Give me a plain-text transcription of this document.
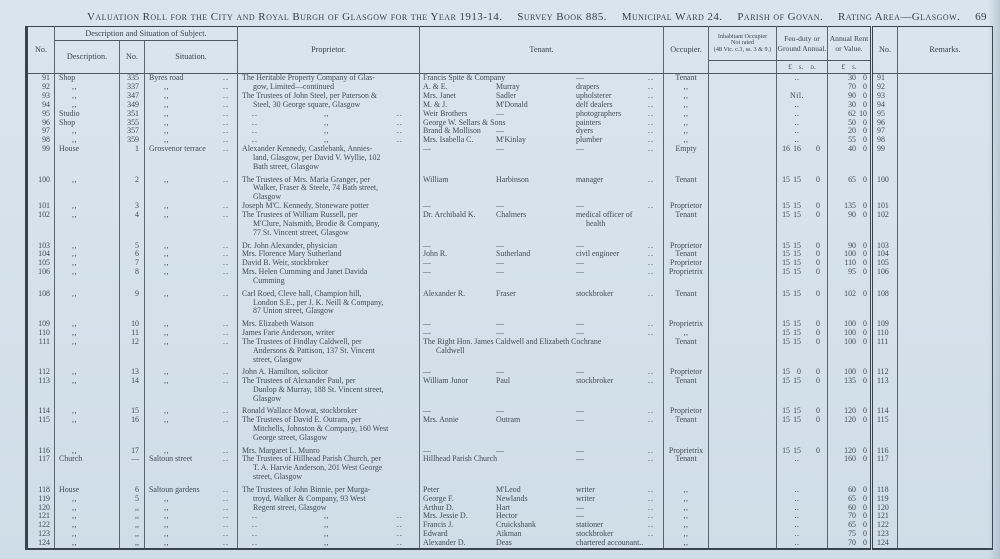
Valuation Roll for the City and Royal Burgh of Glasgow for the Year 1913-14. Survey Book 885. Municipal Ward 24. Parish of Govan. Rating Area—Glasgow. 69
No.	Description and Situation of Subject.			Proprietor.	Tenant.	Occupier.	Inhabitant Occupier
Not rated
(48 Vic. c.3, ss. 3 & 9.)	Feu-duty or Ground Annual.	Annual Rent or Value.	No.	Remarks.
	Description.	No.	Situation.								
								£ s. d.	£ s.		
91	Shop	335	Byres road ..	The Heritable Property Company of Glas-	Francis Spite & Company — ..	Tenant		..	30 0	91	
92	,,	337	,, ..	gow, Limited—continued	A. & E. Murray drapers ..	,,			70 0	92	
93	,,	347	,, ..	The Trustees of John Steel, per Paterson &	Mrs. Janet Sadler upholsterer ..	,,		Nil.	90 0	93	
94	,,	349	,, ..	Steel, 30 George square, Glasgow	M. & J. M'Donald delf dealers ..	,,		..	30 0	94	
95	Studio	351	,, ..	.. ,, ..	Weir Brothers — photographers ..	,,		..	62 10	95	
96	Shop	355	,, ..	.. ,, ..	George W. Sellars & Sons painters ..	,,		..	50 0	96	
97	,,	357	,, ..	.. ,, ..	Brand & Mollison — dyers ..	,,		..	20 0	97	
98	,,	359	,, ..	.. ,, ..	Mrs. Isabella C. M'Kinlay plumber ..	,,		..	55 0	98	
99	House	1	Grosvenor terrace ..	Alexander Kennedy, Castlebank, Annies-	— — — ..	Empty		16 16 0	40 0	99	

				land, Glasgow, per David V. Wyllie, 102							

				Bath street, Glasgow							

100	,,	2	,, ..	The Trustees of Mrs. Maria Granger, per	William Harbinson manager ..	Tenant		15 15 0	65 0	100	

				Walker, Fraser & Steele, 74 Bath street,							

				Glasgow							

101	,,	3	,, ..	Joseph M'C. Kennedy, Stoneware potter	— — — ..	Proprietor		15 15 0	135 0	101	
102	,,	4	,, ..	The Trustees of William Russell, per	Dr. Archibald K. Chalmers medical officer of	Tenant		15 15 0	90 0	102	

				M'Clure, Naismith, Brodie & Company,	health						

				77 St. Vincent street, Glasgow							

103	,,	5	,, ..	Dr. John Alexander, physician	— — — ..	Proprietor		15 15 0	90 0	103	
104	,,	6	,, ..	Mrs. Florence Mary Sutherland	John R. Sutherland civil engineer ..	Tenant		15 15 0	100 0	104	
105	,,	7	,, ..	David B. Weir, stockbroker	— — — ..	Proprietor		15 15 0	110 0	105	
106	,,	8	,, ..	Mrs. Helen Cumming and Janet Davida	— — — ..	Proprietrix		15 15 0	95 0	106	

				Cumming							

108	,,	9	,, ..	Carl Roed, Cleve hall, Champion hill,	Alexander R. Fraser stockbroker ..	Tenant		15 15 0	102 0	108	

				London S.E., per J. K. Neill & Company,							

				87 Union street, Glasgow							

109	,,	10	,, ..	Mrs. Elizabeth Watson	— — — ..	Proprietrix		15 15 0	100 0	109	
110	,,	11	,, ..	James Farie Anderson, writer	— — — ..	,,		15 15 0	100 0	110	
111	,,	12	,, ..	The Trustees of Findlay Caldwell, per	The Right Hon. James Caldwell and Elizabeth Cochrane	Tenant		15 15 0	100 0	111	

				Andersons & Pattison, 137 St. Vincent	Caldwell						

				street, Glasgow							

112	,,	13	,, ..	John A. Hamilton, solicitor	— — — ..	Proprietor		15 0 0	100 0	112	
113	,,	14	,, ..	The Trustees of Alexander Paul, per	William Junor Paul stockbroker ..	Tenant		15 15 0	135 0	113	

				Dunlop & Murray, 188 St. Vincent street,							

				Glasgow							

114	,,	15	,, ..	Ronald Wallace Mowat, stockbroker	— — — ..	Proprietor		15 15 0	120 0	114	
115	,,	16	,, ..	The Trustees of David E. Outram, per	Mrs. Annie Outram — ..	Tenant		15 15 0	120 0	115	

				Mitchells, Johnston & Company, 160 West							

				George street, Glasgow							

116	,,	17	,, ..	Mrs. Margaret L. Munro	— — — ..	Proprietrix		15 15 0	120 0	116	
117	Church	—	Saltoun street ..	The Trustees of Hillhead Parish Church, per	Hillhead Parish Church — ..	Tenant		..	160 0	117	

				T. A. Harvie Anderson, 201 West George							

				street, Glasgow							

118	House	6	Saltoun gardens ..	The Trustees of John Binnie, per Murga-	Peter M'Leod writer ..	,,		..	60 0	118	
119	,,	5	,, ..	troyd, Walker & Company, 93 West	George F. Newlands writer ..	,,		..	65 0	119	
120	,,	,,	,, ..	Regent street, Glasgow	Arthur D. Hart — ..	,,		..	60 0	120	
121	,,	,,	,, ..	.. ,, ..	Mrs. Jessie D. Hector — ..	,,		..	70 0	121	
122	,,	,,	,, ..	.. ,, ..	Francis J. Cruickshank stationer ..	,,		..	65 0	122	
123	,,	,,	,, ..	.. ,, ..	Edward Aikman stockbroker ..	,,		..	75 0	123	
124	,,	,,	,, ..	.. ,, ..	Alexander D. Deas chartered accounant..	,,		..	70 0	124	
